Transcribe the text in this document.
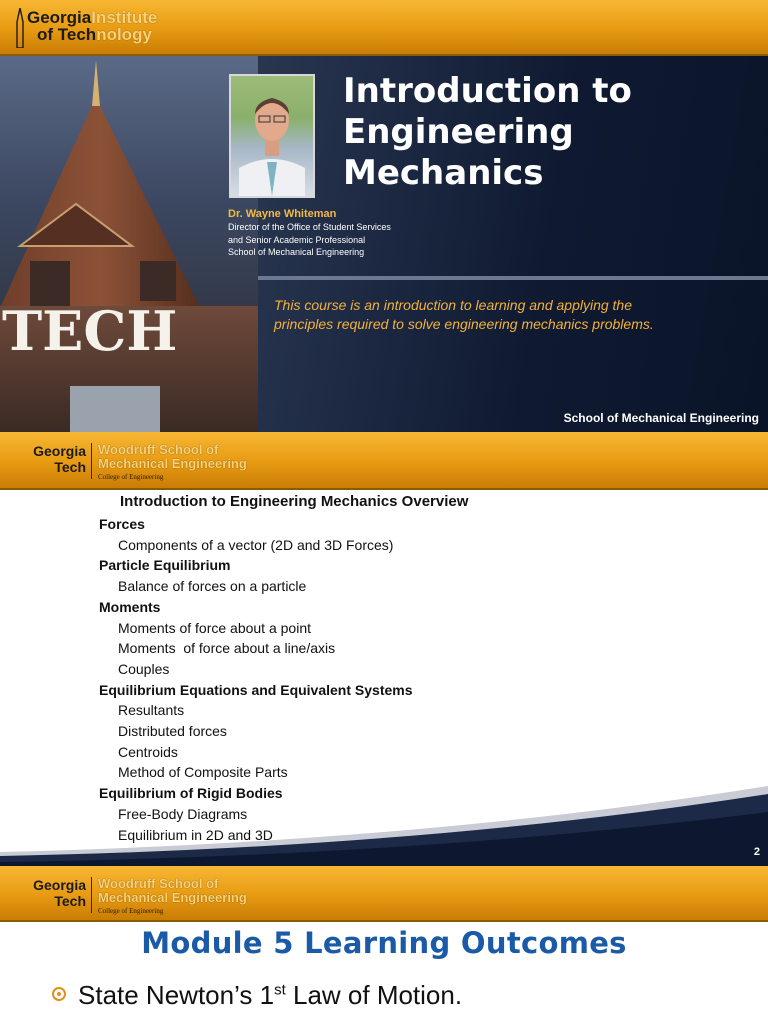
GeorgiaInstitute
of Technology
TECH
Introduction to
Engineering
Mechanics
Dr. Wayne Whiteman
Director of the Office of Student Services
and Senior Academic Professional
School of Mechanical Engineering
This course is an introduction to learning and applying the
principles required to solve engineering mechanics problems.
School of Mechanical Engineering
Georgia
Tech
Woodruff School of
Mechanical Engineering
College of Engineering
Introduction to Engineering Mechanics Overview
Forces
Components of a vector (2D and 3D Forces)
Particle Equilibrium
Balance of forces on a particle
Moments
Moments of force about a point
Moments  of force about a line/axis
Couples
Equilibrium Equations and Equivalent Systems
Resultants
Distributed forces
Centroids
Method of Composite Parts
Equilibrium of Rigid Bodies
Free-Body Diagrams
Equilibrium in 2D and 3D
2
Georgia
Tech
Woodruff School of
Mechanical Engineering
College of Engineering
Module 5 Learning Outcomes
State Newton’s 1st Law of Motion.
